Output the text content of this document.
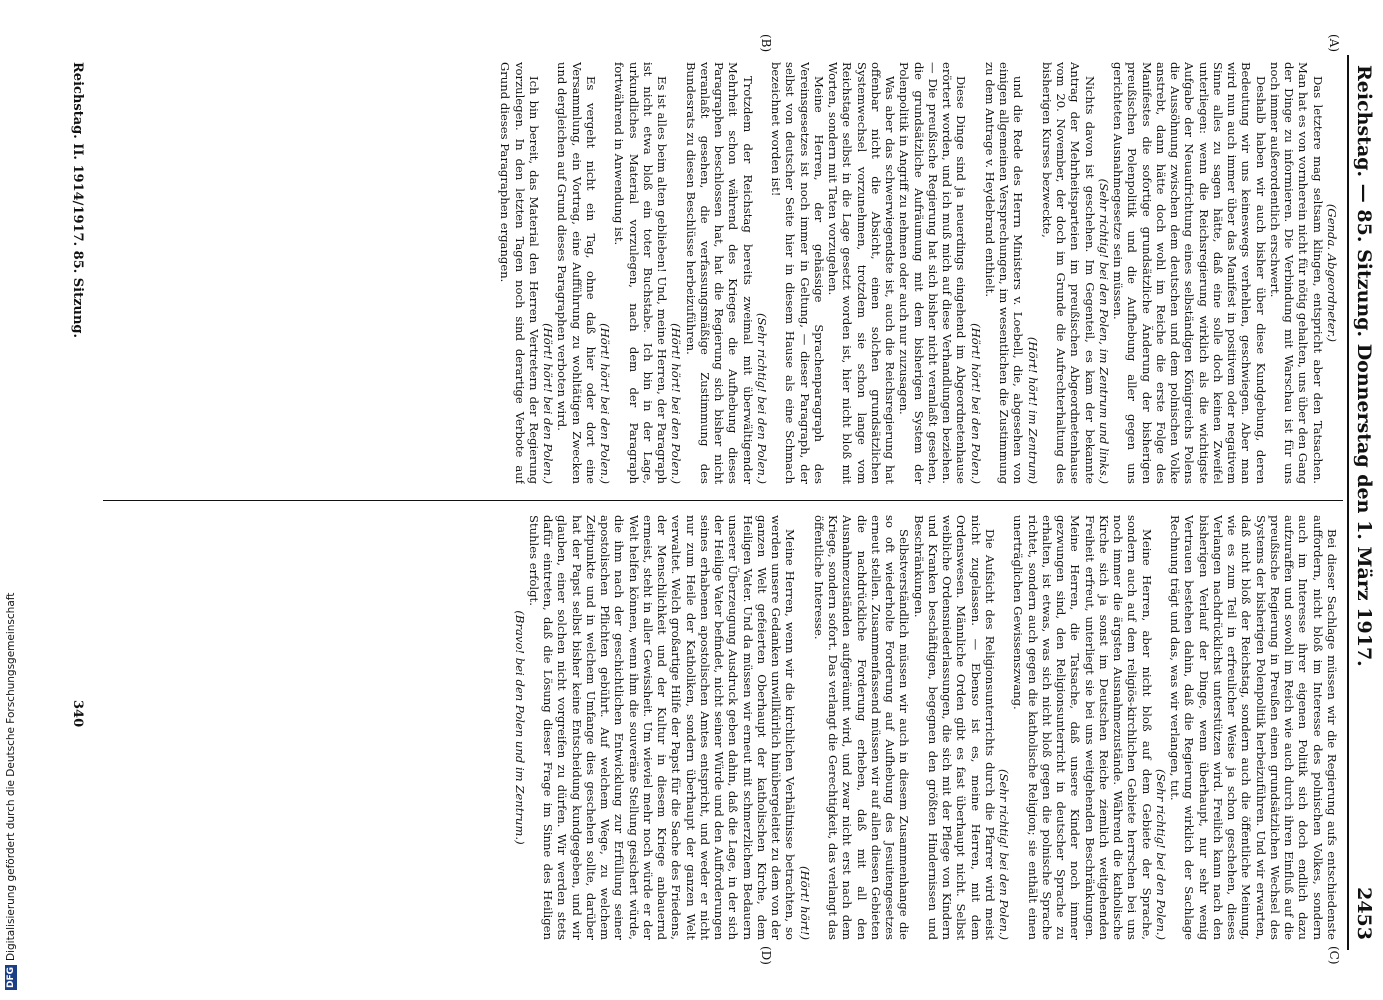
Reichstag. — 85. Sitzung. Donnerstag den 1. März 1917.
2453
(A)
(B)
(C)
(D)

(Genda. Abgeordneter.)

Das letztere mag seltsam klingen, entspricht aber den Tatsachen. Man hat es von vornherein nicht für nötig gehalten, uns über den Gang der Dinge zu informieren. Die Verbindung mit Warschau ist für uns noch immer außerordentlich erschwert.

Deshalb haben wir auch bisher über diese Kundgebung, deren Bedeutung wir uns keineswegs verhehlen, geschwiegen. Aber man wird nun auch immer über das Manifest in positivem oder negativem Sinne alles zu sagen hätte, daß eine solle doch keinen Zweifel unterliegen: wenn die Reichsregierung wirklich als die wichtigste Aufgabe der Neuaufrichtung eines selbständigen Königreichs Polens die Aussöhnung zwischen dem deutschen und dem polnischen Volke anstrebt, dann hätte doch wohl im Reiche die erste Folge des Manifestes die sofortige grundsätzliche Änderung der bisherigen preußischen Polenpolitik und die Aufhebung aller gegen uns gerichteten Ausnahmegesetze sein müssen.

(Sehr richtig! bei den Polen, im Zentrum und links.)

Nichts davon ist geschehen. Im Gegenteil, es kam der bekannte Antrag der Mehrheitsparteien im preußischen Abgeordnetenhause vom 20. November, der doch im Grunde die Aufrechterhaltung des bisherigen Kurses bezweckte,

(Hört! hört! im Zentrum)

und die Rede des Herrn Ministers v. Loebell, die, abgesehen von einigen allgemeinen Versprechungen, im wesentlichen die Zustimmung zu dem Antrage v. Heydebrand enthielt.

(Hört! hört! bei den Polen.)

Diese Dinge sind ja neuerdings eingehend im Abgeordnetenhause erörtert worden, und ich muß mich auf diese Verhandlungen beziehen. — Die preußische Regierung hat sich bisher nicht veranlaßt gesehen, die grundsätzliche Aufräumung mit dem bisherigen System der Polenpolitik in Angriff zu nehmen oder auch nur zuzusagen.

Was aber das schwerwiegendste ist, auch die Reichsregierung hat offenbar nicht die Absicht, einen solchen grundsätzlichen Systemwechsel vorzunehmen, trotzdem sie schon lange vom Reichstage selbst in die Lage gesetzt worden ist, hier nicht bloß mit Worten, sondern mit Taten vorzugehen.

Meine Herren, der gehässige Sprachenparagraph des Vereinsgesetzes ist noch immer in Geltung, — dieser Paragraph, der selbst von deutscher Seite hier in diesem Hause als eine Schmach bezeichnet worden ist!

(Sehr richtig! bei den Polen.)

Trotzdem der Reichstag bereits zweimal mit überwältigender Mehrheit schon während des Krieges die Aufhebung dieses Paragraphen beschlossen hat, hat die Regierung sich bisher nicht veranlaßt gesehen, die verfassungsmäßige Zustimmung des Bundesrats zu diesen Beschlüsse herbeizuführen.

(Hört! hört! bei den Polen.)

Es ist alles beim alten geblieben! Und, meine Herren, der Paragraph ist nicht etwa bloß ein toter Buchstabe. Ich bin in der Lage, urkundliches Material vorzulegen, nach dem der Paragraph fortwährend in Anwendung ist.

(Hört! hört! bei den Polen.)

Es vergeht nicht ein Tag, ohne daß hier oder dort eine Versammlung, ein Vortrag, eine Aufführung zu wohltätigen Zwecken und dergleichen auf Grund dieses Paragraphen verboten wird.

(Hört! hört! bei den Polen.)

Ich bin bereit, das Material den Herren Vertretern der Regierung vorzulegen. In den letzten Tagen noch sind derartige Verbote auf Grund dieses Paragraphen ergangen.

Bei dieser Sachlage müssen wir die Regierung aufs entschiedenste auffordern, nicht bloß im Interesse des polnischen Volkes, sondern auch im Interesse ihrer eigenen Politik sich doch endlich dazu aufzuraffen und sowohl im Reich wie auch durch ihren Einfluß auf die preußische Regierung in Preußen einen grundsätzlichen Wechsel des Systems der bisherigen Polenpolitik herbeizuführen. Und wir erwarten, daß nicht bloß der Reichstag, sondern auch die öffentliche Meinung, wie es zum Teil in erfreulicher Weise ja schon geschehen, dieses Verlangen nachdrücklichst unterstützen wird. Freilich kann nach den bisherigen Verlauf der Dinge, wenn überhaupt, nur sehr wenig Vertrauen bestehen dahin, daß die Regierung wirklich der Sachlage Rechnung trägt und das, was wir verlangen, tut.

(Sehr richtig! bei den Polen.)

Meine Herren, aber nicht bloß auf dem Gebiete der Sprache, sondern auch auf dem religiös-kirchlichen Gebiete herrschen bei uns noch immer die ärgsten Ausnahmezustände. Während die katholische Kirche sich ja sonst im Deutschen Reiche ziemlich weitgehenden Freiheit erfreut, unterliegt sie bei uns weitgehenden Beschränkungen. Meine Herren, die Tatsache, daß unsere Kinder noch immer gezwungen sind, den Religionsunterricht in deutscher Sprache zu erhalten, ist etwas, was sich nicht bloß gegen die polnische Sprache richtet, sondern auch gegen die katholische Religion; sie enthält einen unerträglichen Gewissenszwang.

(Sehr richtig! bei den Polen.)

Die Aufsicht des Religionsunterrichts durch die Pfarrer wird meist nicht zugelassen. — Ebenso ist es, meine Herren, mit dem Ordenswesen. Männliche Orden gibt es fast überhaupt nicht. Selbst weibliche Ordensniederlassungen, die sich mit der Pflege von Kindern und Kranken beschäftigen, begegnen den größten Hindernissen und Beschränkungen.

Selbstverständlich müssen wir auch in diesem Zusammenhange die so oft wiederholte Forderung auf Aufhebung des Jesuitengesetzes erneut stellen. Zusammenfassend müssen wir auf allen diesen Gebieten die nachdrückliche Forderung erheben, daß mit all den Ausnahmezuständen aufgeräumt wird, und zwar nicht erst nach dem Kriege, sondern sofort. Das verlangt die Gerechtigkeit, das verlangt das öffentliche Interesse.

(Hört! hört!)

Meine Herren, wenn wir die kirchlichen Verhältnisse betrachten, so werden unsere Gedanken unwillkürlich hinübergeleitet zu dem von der ganzen Welt gefeierten Oberhaupt der katholischen Kirche, dem Heiligen Vater. Und da müssen wir erneut mit schmerzlichem Bedauern unserer Überzeugung Ausdruck geben dahin, daß die Lage, in der sich der Heilige Vater befindet, nicht seiner Würde und den Aufforderungen seines erhabenen apostolischen Amtes entspricht, und weder er nicht nur zum Heile der Katholiken, sondern überhaupt der ganzen Welt verwaltet. Welch großartige Hilfe der Papst für die Sache des Friedens, der Menschlichkeit und der Kultur in diesem Kriege anbauernd ermeist, steht in aller Gewissheit. Um wieviel mehr noch würde er der Welt helfen können, wenn ihm die souveräne Stellung gesichert würde, die ihm nach der geschichtlichen Entwicklung zur Erfüllung seiner apostolischen Pflichten gebührt. Auf welchem Wege, zu welchem Zeitpunkte und in welchem Umfange dies geschehen sollte, darüber hat der Papst selbst bisher keine Entscheidung kundgegeben, und wir glauben, einer solchen nicht vorgreifen zu dürfen. Wir werden stets dafür eintreten, daß die Lösung dieser Frage im Sinne des Heiligen Stuhles erfolgt.

(Bravo! bei den Polen und im Zentrum.)

Reichstag. II. 1914/1917. 85. Sitzung.
340
DFG
Digitalisierung gefördert durch die Deutsche Forschungsgemeinschaft
